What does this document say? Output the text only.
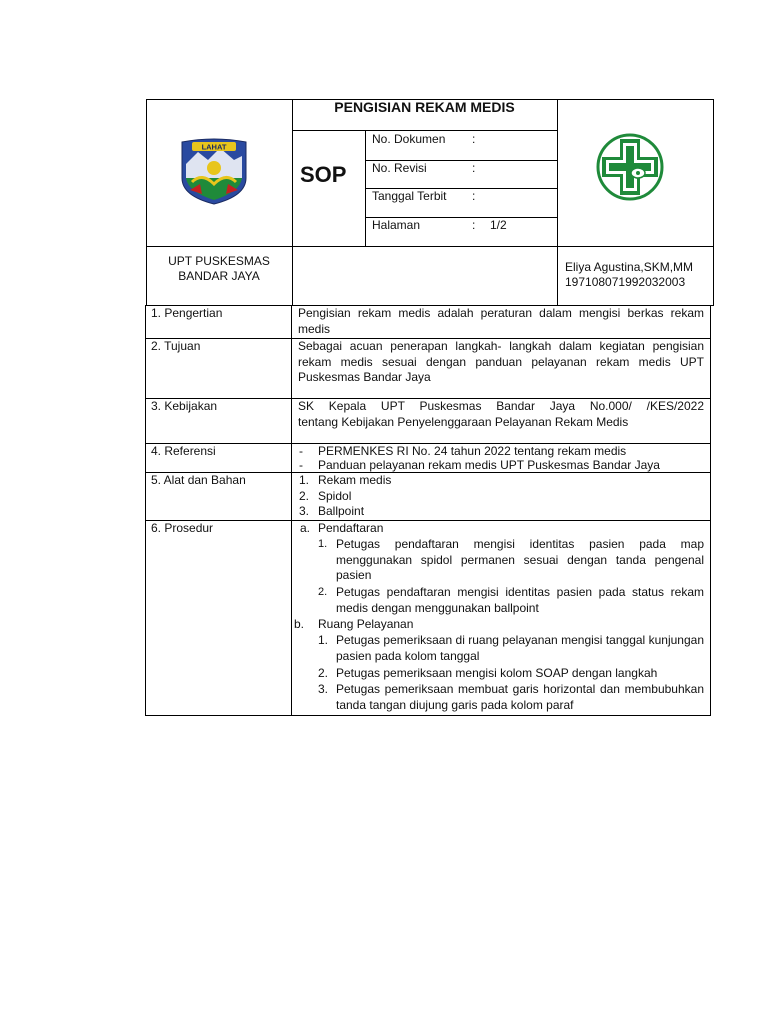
LAHAT
PENGISIAN REKAM MEDIS
SOP
No. Dokumen :
No. Revisi	:
Tanggal Terbit :
Halaman	: 1/2
UPT PUSKESMAS
BANDAR JAYA
Eliya Agustina,SKM,MM
197108071992032003
1. Pengertian	Pengisian rekam medis adalah peraturan dalam mengisi berkas rekam medis
2. Tujuan	Sebagai acuan penerapan langkah- langkah dalam kegiatan pengisian rekam medis sesuai dengan panduan pelayanan rekam medis UPT Puskesmas Bandar Jaya
3. Kebijakan	SK Kepala UPT Puskesmas Bandar Jaya No.000/ /KES/2022
tentang Kebijakan Penyelenggaraan Pelayanan Rekam Medis
4. Referensi	- PERMENKES RI No. 24 tahun 2022 tentang rekam medis
- Panduan pelayanan rekam medis UPT Puskesmas Bandar Jaya
5. Alat dan Bahan	1. Rekam medis
2. Spidol
3. Ballpoint
6. Prosedur	a. Pendaftaran
1. Petugas pendaftaran mengisi identitas pasien pada map menggunakan spidol permanen sesuai dengan tanda pengenal pasien
2. Petugas pendaftaran mengisi identitas pasien pada status rekam medis dengan menggunakan ballpoint
b. Ruang Pelayanan
1. Petugas pemeriksaan di ruang pelayanan mengisi tanggal kunjungan pasien pada kolom tanggal
2. Petugas pemeriksaan mengisi kolom SOAP dengan langkah
3. Petugas pemeriksaan membuat garis horizontal dan membubuhkan tanda tangan diujung garis pada kolom paraf
